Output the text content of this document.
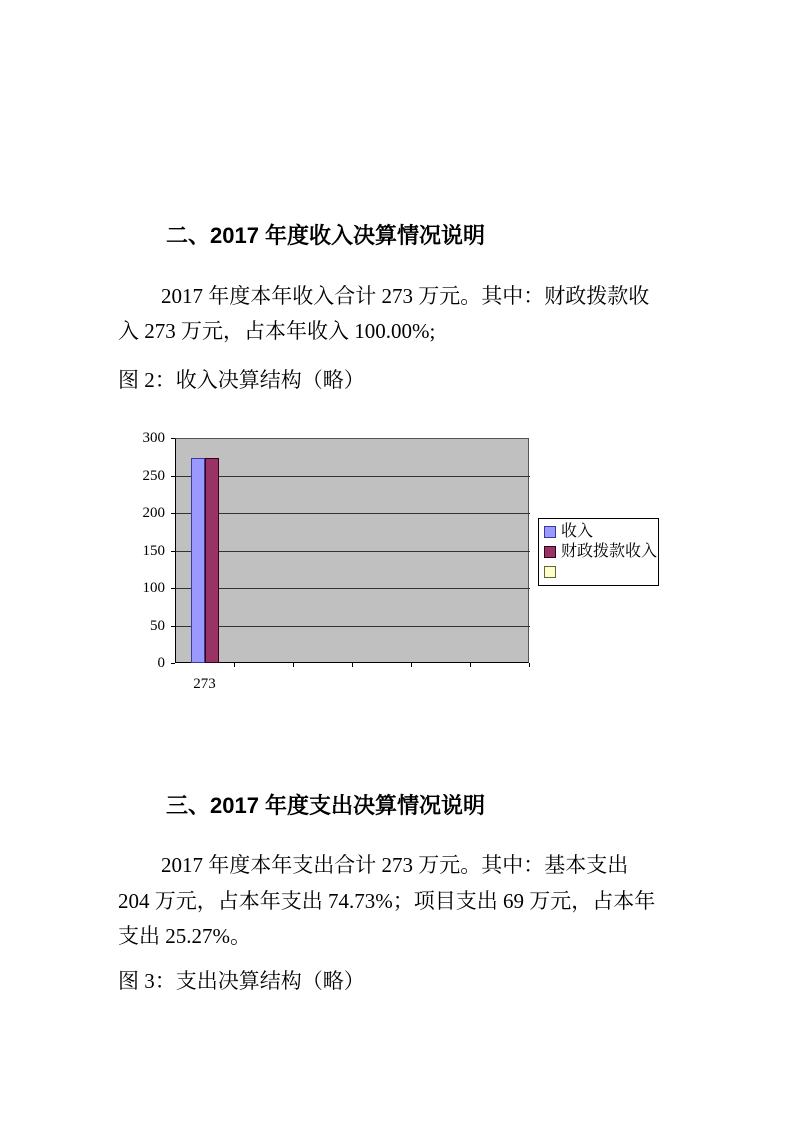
二、2017 年度收入决算情况说明
2017 年度本年收入合计 273 万元。其中：财政拨款收
入 273 万元，占本年收入 100.00%;
图 2：收入决算结构（略）
0
50
100
150
200
250
300
273
收入
财政拨款收入
三、2017 年度支出决算情况说明
2017 年度本年支出合计 273 万元。其中：基本支出
204 万元，占本年支出 74.73%；项目支出 69 万元，占本年
支出 25.27%。
图 3：支出决算结构（略）
